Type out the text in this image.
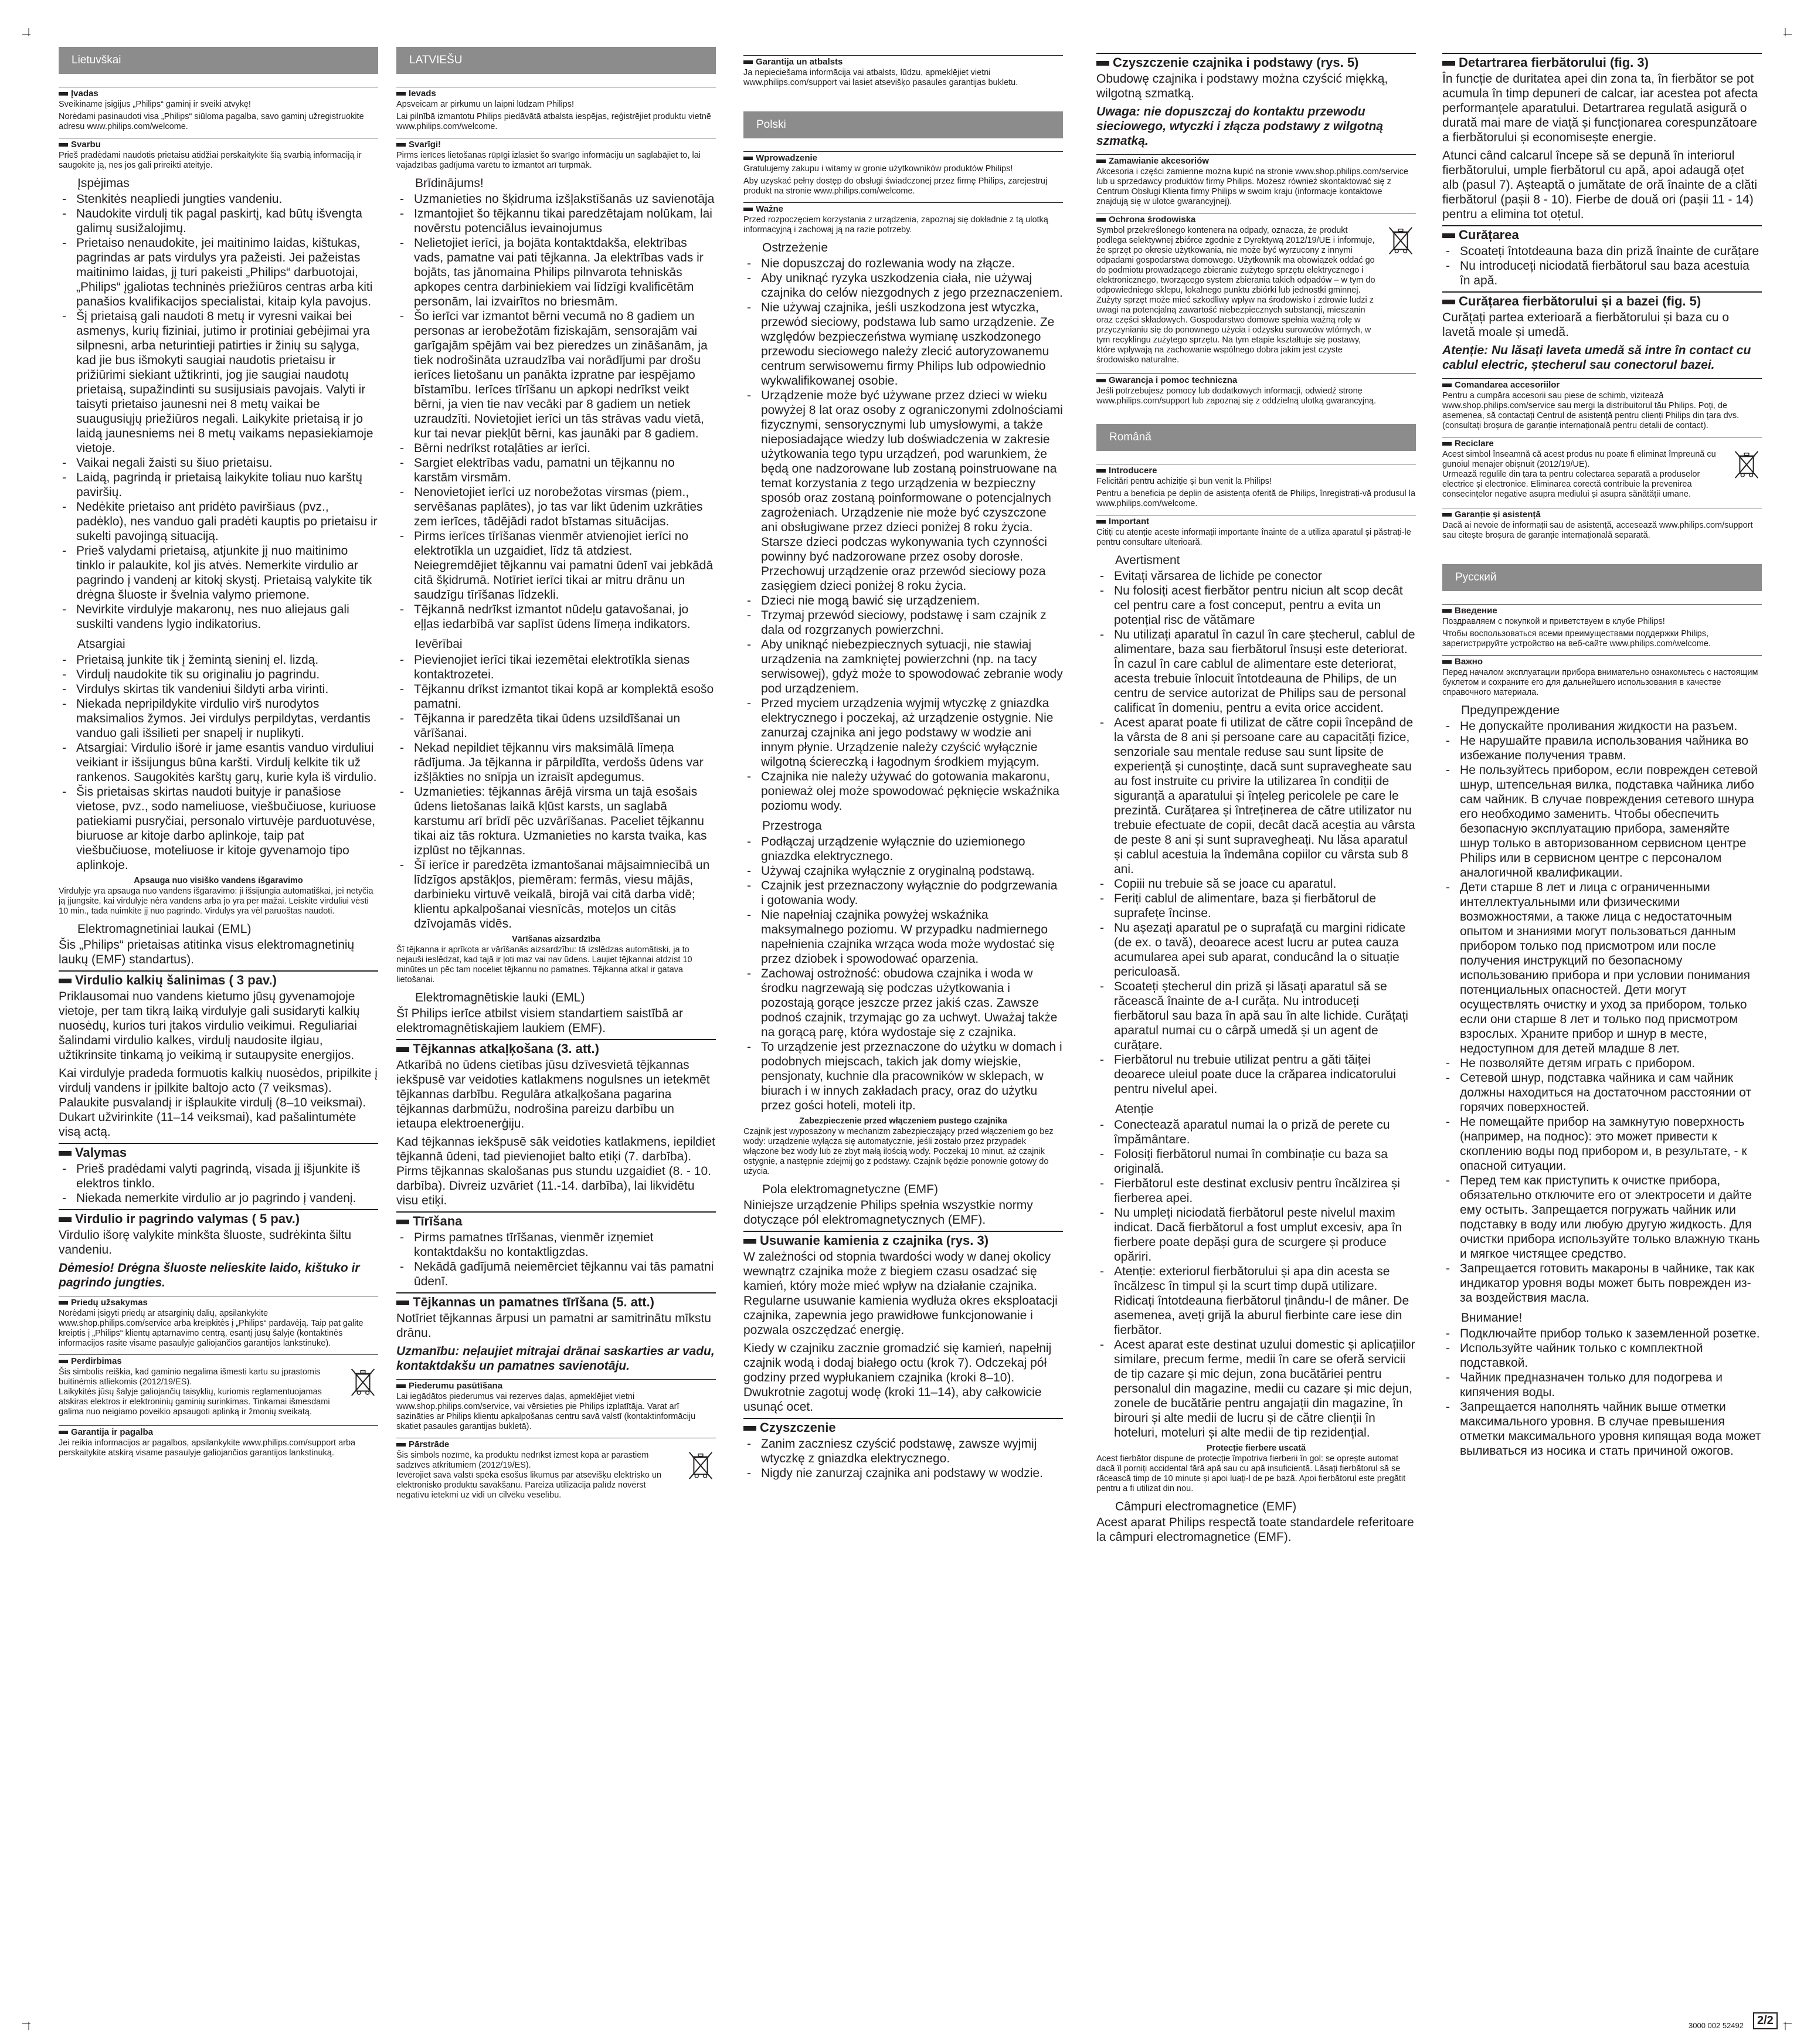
Lietuvškai
Įvadas
Sveikiname įsigijus „Philips“ gaminį ir sveiki atvykę!
Norėdami pasinaudoti visa „Philips“ siūloma pagalba, savo gaminį užregistruokite adresu www.philips.com/welcome.
Svarbu
Prieš pradėdami naudotis prietaisu atidžiai perskaitykite šią svarbią informaciją ir saugokite ją, nes jos gali prireikti ateityje.
Įspėjimas
- Stenkitės neapliedi jungties vandeniu.
- Naudokite virdulį tik pagal paskirtį, kad būtų išvengta galimų susižalojimų.
- Prietaiso nenaudokite, jei maitinimo laidas, kištukas, pagrindas ar pats virdulys yra pažeisti. Jei pažeistas maitinimo laidas, jį turi pakeisti „Philips“ darbuotojai, „Philips“ įgaliotas techninės priežiūros centras arba kiti panašios kvalifikacijos specialistai, kitaip kyla pavojus.
- Šį prietaisą gali naudoti 8 metų ir vyresni vaikai bei asmenys, kurių fiziniai, jutimo ir protiniai gebėjimai yra silpnesni, arba neturintieji patirties ir žinių su sąlyga, kad jie bus išmokyti saugiai naudotis prietaisu ir prižiūrimi siekiant užtikrinti, jog jie saugiai naudotų prietaisą, supažindinti su susijusiais pavojais. Valyti ir taisyti prietaiso jaunesni nei 8 metų vaikai be suaugusiųjų priežiūros negali. Laikykite prietaisą ir jo laidą jaunesniems nei 8 metų vaikams nepasiekiamoje vietoje.
- Vaikai negali žaisti su šiuo prietaisu.
- Laidą, pagrindą ir prietaisą laikykite toliau nuo karštų paviršių.
- Nedėkite prietaiso ant pridėto paviršiaus (pvz., padėklo), nes vanduo gali pradėti kauptis po prietaisu ir sukelti pavojingą situaciją.
- Prieš valydami prietaisą, atjunkite jį nuo maitinimo tinklo ir palaukite, kol jis atvės. Nemerkite virdulio ar pagrindo į vandenį ar kitokį skystį. Prietaisą valykite tik drėgna šluoste ir švelnia valymo priemone.
- Nevirkite virdulyje makaronų, nes nuo aliejaus gali suskilti vandens lygio indikatorius.
Atsargiai
- Prietaisą junkite tik į žemintą sieninį el. lizdą.
- Virdulį naudokite tik su originaliu jo pagrindu.
- Virdulys skirtas tik vandeniui šildyti arba virinti.
- Niekada nepripildykite virdulio virš nurodytos maksimalios žymos. Jei virdulys perpildytas, verdantis vanduo gali išsilieti per snapelį ir nuplikyti.
- Atsargiai: Virdulio išorė ir jame esantis vanduo virduliui veikiant ir išsijungus būna karšti. Virdulį kelkite tik už rankenos. Saugokitės karštų garų, kurie kyla iš virdulio.
- Šis prietaisas skirtas naudoti buityje ir panašiose vietose, pvz., sodo nameliuose, viešbučiuose, kuriuose patiekiami pusryčiai, personalo virtuvėje parduotuvėse, biuruose ar kitoje darbo aplinkoje, taip pat viešbučiuose, moteliuose ir kitoje gyvenamojo tipo aplinkoje.
Apsauga nuo visiško vandens išgaravimo
Virdulyje yra apsauga nuo vandens išgaravimo: ji išsijungia automatiškai, jei netyčia ją įjungsite, kai virdulyje nėra vandens arba jo yra per mažai. Leiskite virduliui vėsti 10 min., tada nuimkite jį nuo pagrindo. Virdulys yra vėl paruoštas naudoti.
Elektromagnetiniai laukai (EML)
Šis „Philips“ prietaisas atitinka visus elektromagnetinių laukų (EMF) standartus).
Virdulio kalkių šalinimas ( 3 pav.)
Priklausomai nuo vandens kietumo jūsų gyvenamojoje vietoje, per tam tikrą laiką virdulyje gali susidaryti kalkių nuosėdų, kurios turi įtakos virdulio veikimui. Reguliariai šalindami virdulio kalkes, virdulį naudosite ilgiau, užtikrinsite tinkamą jo veikimą ir sutaupysite energijos.
Kai virdulyje pradeda formuotis kalkių nuosėdos, pripilkite į virdulį vandens ir įpilkite baltojo acto (7 veiksmas). Palaukite pusvalandį ir išplaukite virdulį (8–10 veiksmai). Dukart užvirinkite (11–14 veiksmai), kad pašalintumėte visą actą.
Valymas
- Prieš pradėdami valyti pagrindą, visada jį išjunkite iš elektros tinklo.
- Niekada nemerkite virdulio ar jo pagrindo į vandenį.
Virdulio ir pagrindo valymas ( 5 pav.)
Virdulio išorę valykite minkšta šluoste, sudrėkinta šiltu vandeniu.
Dėmesio! Drėgna šluoste nelieskite laido, kištuko ir pagrindo jungties.
Priedų užsakymas
Norėdami įsigyti priedų ar atsarginių dalių, apsilankykite www.shop.philips.com/service arba kreipkitės į „Philips“ pardavėją. Taip pat galite kreiptis į „Philips“ klientų aptarnavimo centrą, esantį jūsų šalyje (kontaktinės informacijos rasite visame pasaulyje galiojančios garantijos lankstinuke).
Perdirbimas
Šis simbolis reiškia, kad gaminio negalima išmesti kartu su įprastomis buitinėmis atliekomis (2012/19/ES).
Laikykitės jūsų šalyje galiojančių taisyklių, kuriomis reglamentuojamas atskiras elektros ir elektroninių gaminių surinkimas. Tinkamai išmesdami galima nuo neigiamo poveikio apsaugoti aplinką ir žmonių sveikatą.
Garantija ir pagalba
Jei reikia informacijos ar pagalbos, apsilankykite www.philips.com/support arba perskaitykite atskirą visame pasaulyje galiojančios garantijos lankstinuką.
LATVIEŠU
Ievads
Apsveicam ar pirkumu un laipni lūdzam Philips!
Lai pilnībā izmantotu Philips piedāvātā atbalsta iespējas, reģistrējiet produktu vietnē www.philips.com/welcome.
Svarīgi!
Pirms ierīces lietošanas rūpīgi izlasiet šo svarīgo informāciju un saglabājiet to, lai vajadzības gadījumā varētu to izmantot arī turpmāk.
Brīdinājums!
- Uzmanieties no šķidruma izšļakstīšanās uz savienotāja
- Izmantojiet šo tējkannu tikai paredzētajam nolūkam, lai novērstu potenciālus ievainojumus
- Nelietojiet ierīci, ja bojāta kontaktdakša, elektrības vads, pamatne vai pati tējkanna. Ja elektrības vads ir bojāts, tas jānomaina Philips pilnvarota tehniskās apkopes centra darbiniekiem vai līdzīgi kvalificētām personām, lai izvairītos no briesmām.
- Šo ierīci var izmantot bērni vecumā no 8 gadiem un personas ar ierobežotām fiziskajām, sensorajām vai garīgajām spējām vai bez pieredzes un zināšanām, ja tiek nodrošināta uzraudzība vai norādījumi par drošu ierīces lietošanu un panākta izpratne par iespējamo bīstamību. Ierīces tīrīšanu un apkopi nedrīkst veikt bērni, ja vien tie nav vecāki par 8 gadiem un netiek uzraudzīti. Novietojiet ierīci un tās strāvas vadu vietā, kur tai nevar piekļūt bērni, kas jaunāki par 8 gadiem.
- Bērni nedrīkst rotaļāties ar ierīci.
- Sargiet elektrības vadu, pamatni un tējkannu no karstām virsmām.
- Nenovietojiet ierīci uz norobežotas virsmas (piem., servēšanas paplātes), jo tas var likt ūdenim uzkrāties zem ierīces, tādējādi radot bīstamas situācijas.
- Pirms ierīces tīrīšanas vienmēr atvienojiet ierīci no elektrotīkla un uzgaidiet, līdz tā atdziest. Neiegremdējiet tējkannu vai pamatni ūdenī vai jebkādā citā šķidrumā. Notīriet ierīci tikai ar mitru drānu un saudzīgu tīrīšanas līdzekli.
- Tējkannā nedrīkst izmantot nūdeļu gatavošanai, jo eļļas iedarbībā var saplīst ūdens līmeņa indikators.
Ievērībai
- Pievienojiet ierīci tikai iezemētai elektrotīkla sienas kontaktrozetei.
- Tējkannu drīkst izmantot tikai kopā ar komplektā esošo pamatni.
- Tējkanna ir paredzēta tikai ūdens uzsildīšanai un vārīšanai.
- Nekad nepildiet tējkannu virs maksimālā līmeņa rādījuma. Ja tējkanna ir pārpildīta, verdošs ūdens var izšļākties no snīpja un izraisīt apdegumus.
- Uzmanieties: tējkannas ārējā virsma un tajā esošais ūdens lietošanas laikā kļūst karsts, un saglabā karstumu arī brīdī pēc uzvārīšanas. Paceliet tējkannu tikai aiz tās roktura. Uzmanieties no karsta tvaika, kas izplūst no tējkannas.
- Šī ierīce ir paredzēta izmantošanai mājsaimniecībā un līdzīgos apstākļos, piemēram: fermās, viesu mājās, darbinieku virtuvē veikalā, birojā vai citā darba vidē; klientu apkalpošanai viesnīcās, moteļos un citās dzīvojamās vidēs.
Vārīšanas aizsardzība
Šī tējkanna ir aprīkota ar vārīšanās aizsardzību: tā izslēdzas automātiski, ja to nejauši ieslēdzat, kad tajā ir ļoti maz vai nav ūdens. Laujiet tējkannai atdzist 10 minūtes un pēc tam noceliet tējkannu no pamatnes. Tējkanna atkal ir gatava lietošanai.
Elektromagnētiskie lauki (EML)
Šī Philips ierīce atbilst visiem standartiem saistībā ar elektromagnētiskajiem laukiem (EMF).
Tējkannas atkaļķošana (3. att.)
Atkarībā no ūdens cietības jūsu dzīvesvietā tējkannas iekšpusē var veidoties katlakmens nogulsnes un ietekmēt tējkannas darbību. Regulāra atkaļķošana pagarina tējkannas darbmūžu, nodrošina pareizu darbību un ietaupa elektroenerģiju.
Kad tējkannas iekšpusē sāk veidoties katlakmens, iepildiet tējkannā ūdeni, tad pievienojiet balto etiķi (7. darbība). Pirms tējkannas skalošanas pus stundu uzgaidiet (8. - 10. darbība). Divreiz uzvāriet (11.-14. darbība), lai likvidētu visu etiķi.
Tīrīšana
- Pirms pamatnes tīrīšanas, vienmēr izņemiet kontaktdakšu no kontaktligzdas.
- Nekādā gadījumā neiemērciet tējkannu vai tās pamatni ūdenī.
Tējkannas un pamatnes tīrīšana (5. att.)
Notīriet tējkannas ārpusi un pamatni ar samitrinātu mīkstu drānu.
Uzmanību: neļaujiet mitrajai drānai saskarties ar vadu, kontaktdakšu un pamatnes savienotāju.
Piederumu pasūtīšana
Lai iegādātos piederumus vai rezerves daļas, apmeklējiet vietni www.shop.philips.com/service, vai vērsieties pie Philips izplatītāja. Varat arī sazināties ar Philips klientu apkalpošanas centru savā valstī (kontaktinformāciju skatiet pasaules garantijas bukletā).
Pārstrāde
Šis simbols nozīmē, ka produktu nedrīkst izmest kopā ar parastiem sadzīves atkritumiem (2012/19/ES).
Ievērojiet savā valstī spēkā esošus likumus par atsevišķu elektrisko un elektronisko produktu savākšanu. Pareiza utilizācija palīdz novērst negatīvu ietekmi uz vidi un cilvēku veselību.
Garantija un atbalsts
Ja nepieciešama informācija vai atbalsts, lūdzu, apmeklējiet vietni www.philips.com/support vai lasiet atsevišķo pasaules garantijas bukletu.
Polski
Wprowadzenie
Gratulujemy zakupu i witamy w gronie użytkowników produktów Philips!
Aby uzyskać pełny dostęp do obsługi świadczonej przez firmę Philips, zarejestruj produkt na stronie www.philips.com/welcome.
Ważne
Przed rozpoczęciem korzystania z urządzenia, zapoznaj się dokładnie z tą ulotką informacyjną i zachowaj ją na razie potrzeby.
Ostrzeżenie
- Nie dopuszczaj do rozlewania wody na złącze.
- Aby uniknąć ryzyka uszkodzenia ciała, nie używaj czajnika do celów niezgodnych z jego przeznaczeniem.
- Nie używaj czajnika, jeśli uszkodzona jest wtyczka, przewód sieciowy, podstawa lub samo urządzenie. Ze względów bezpieczeństwa wymianę uszkodzonego przewodu sieciowego należy zlecić autoryzowanemu centrum serwisowemu firmy Philips lub odpowiednio wykwalifikowanej osobie.
- Urządzenie może być używane przez dzieci w wieku powyżej 8 lat oraz osoby z ograniczonymi zdolnościami fizycznymi, sensorycznymi lub umysłowymi, a także nieposiadające wiedzy lub doświadczenia w zakresie użytkowania tego typu urządzeń, pod warunkiem, że będą one nadzorowane lub zostaną poinstruowane na temat korzystania z tego urządzenia w bezpieczny sposób oraz zostaną poinformowane o potencjalnych zagrożeniach. Urządzenie nie może być czyszczone ani obsługiwane przez dzieci poniżej 8 roku życia. Starsze dzieci podczas wykonywania tych czynności powinny być nadzorowane przez osoby dorosłe. Przechowuj urządzenie oraz przewód sieciowy poza zasięgiem dzieci poniżej 8 roku życia.
- Dzieci nie mogą bawić się urządzeniem.
- Trzymaj przewód sieciowy, podstawę i sam czajnik z dala od rozgrzanych powierzchni.
- Aby uniknąć niebezpiecznych sytuacji, nie stawiaj urządzenia na zamkniętej powierzchni (np. na tacy serwisowej), gdyż może to spowodować zebranie wody pod urządzeniem.
- Przed myciem urządzenia wyjmij wtyczkę z gniazdka elektrycznego i poczekaj, aż urządzenie ostygnie. Nie zanurzaj czajnika ani jego podstawy w wodzie ani innym płynie. Urządzenie należy czyścić wyłącznie wilgotną ściereczką i łagodnym środkiem myjącym.
- Czajnika nie należy używać do gotowania makaronu, ponieważ olej może spowodować pęknięcie wskaźnika poziomu wody.
Przestroga
- Podłączaj urządzenie wyłącznie do uziemionego gniazdka elektrycznego.
- Używaj czajnika wyłącznie z oryginalną podstawą.
- Czajnik jest przeznaczony wyłącznie do podgrzewania i gotowania wody.
- Nie napełniaj czajnika powyżej wskaźnika maksymalnego poziomu. W przypadku nadmiernego napełnienia czajnika wrząca woda może wydostać się przez dziobek i spowodować oparzenia.
- Zachowaj ostrożność: obudowa czajnika i woda w środku nagrzewają się podczas użytkowania i pozostają gorące jeszcze przez jakiś czas. Zawsze podnoś czajnik, trzymając go za uchwyt. Uważaj także na gorącą parę, która wydostaje się z czajnika.
- To urządzenie jest przeznaczone do użytku w domach i podobnych miejscach, takich jak domy wiejskie, pensjonaty, kuchnie dla pracowników w sklepach, w biurach i w innych zakładach pracy, oraz do użytku przez gości hoteli, moteli itp.
Zabezpieczenie przed włączeniem pustego czajnika
Czajnik jest wyposażony w mechanizm zabezpieczający przed włączeniem go bez wody: urządzenie wyłącza się automatycznie, jeśli zostało przez przypadek włączone bez wody lub ze zbyt małą ilością wody. Poczekaj 10 minut, aż czajnik ostygnie, a następnie zdejmij go z podstawy. Czajnik będzie ponownie gotowy do użycia.
Pola elektromagnetyczne (EMF)
Niniejsze urządzenie Philips spełnia wszystkie normy dotyczące pól elektromagnetycznych (EMF).
Usuwanie kamienia z czajnika (rys. 3)
W zależności od stopnia twardości wody w danej okolicy wewnątrz czajnika może z biegiem czasu osadzać się kamień, który może mieć wpływ na działanie czajnika. Regularne usuwanie kamienia wydłuża okres eksploatacji czajnika, zapewnia jego prawidłowe funkcjonowanie i pozwala oszczędzać energię.
Kiedy w czajniku zacznie gromadzić się kamień, napełnij czajnik wodą i dodaj białego octu (krok 7). Odczekaj pół godziny przed wypłukaniem czajnika (kroki 8–10). Dwukrotnie zagotuj wodę (kroki 11–14), aby całkowicie usunąć ocet.
Czyszczenie
- Zanim zaczniesz czyścić podstawę, zawsze wyjmij wtyczkę z gniazdka elektrycznego.
- Nigdy nie zanurzaj czajnika ani podstawy w wodzie.
Czyszczenie czajnika i podstawy (rys. 5)
Obudowę czajnika i podstawy można czyścić miękką, wilgotną szmatką.
Uwaga: nie dopuszczaj do kontaktu przewodu sieciowego, wtyczki i złącza podstawy z wilgotną szmatką.
Zamawianie akcesoriów
Akcesoria i części zamienne można kupić na stronie www.shop.philips.com/service lub u sprzedawcy produktów firmy Philips. Możesz również skontaktować się z Centrum Obsługi Klienta firmy Philips w swoim kraju (informacje kontaktowe znajdują się w ulotce gwarancyjnej).
Ochrona środowiska
Symbol przekreślonego kontenera na odpady, oznacza, że produkt podlega selektywnej zbiórce zgodnie z Dyrektywą 2012/19/UE i informuje, że sprzęt po okresie użytkowania, nie może być wyrzucony z innymi odpadami gospodarstwa domowego. Użytkownik ma obowiązek oddać go do podmiotu prowadzącego zbieranie zużytego sprzętu elektrycznego i elektronicznego, tworzącego system zbierania takich odpadów – w tym do odpowiedniego sklepu, lokalnego punktu zbiórki lub jednostki gminnej. Zużyty sprzęt może mieć szkodliwy wpływ na środowisko i zdrowie ludzi z uwagi na potencjalną zawartość niebezpiecznych substancji, mieszanin oraz części składowych. Gospodarstwo domowe spełnia ważną rolę w przyczynianiu się do ponownego użycia i odzysku surowców wtórnych, w tym recyklingu zużytego sprzętu. Na tym etapie kształtuje się postawy, które wpływają na zachowanie wspólnego dobra jakim jest czyste środowisko naturalne.
Gwarancja i pomoc techniczna
Jeśli potrzebujesz pomocy lub dodatkowych informacji, odwiedź stronę www.philips.com/support lub zapoznaj się z oddzielną ulotką gwarancyjną.
Română
Introducere
Felicitări pentru achiziție și bun venit la Philips!
Pentru a beneficia pe deplin de asistența oferită de Philips, înregistrați-vă produsul la www.philips.com/welcome.
Important
Citiți cu atenție aceste informații importante înainte de a utiliza aparatul și păstrați-le pentru consultare ulterioară.
Avertisment
- Evitați vărsarea de lichide pe conector
- Nu folosiți acest fierbător pentru niciun alt scop decât cel pentru care a fost conceput, pentru a evita un potențial risc de vătămare
- Nu utilizați aparatul în cazul în care ștecherul, cablul de alimentare, baza sau fierbătorul însuși este deteriorat. În cazul în care cablul de alimentare este deteriorat, acesta trebuie înlocuit întotdeauna de Philips, de un centru de service autorizat de Philips sau de personal calificat în domeniu, pentru a evita orice accident.
- Acest aparat poate fi utilizat de către copii începând de la vârsta de 8 ani și persoane care au capacități fizice, senzoriale sau mentale reduse sau sunt lipsite de experiență și cunoștințe, dacă sunt supravegheate sau au fost instruite cu privire la utilizarea în condiții de siguranță a aparatului și înțeleg pericolele pe care le prezintă. Curățarea și întreținerea de către utilizator nu trebuie efectuate de copii, decât dacă aceștia au vârsta de peste 8 ani și sunt supravegheați. Nu lăsa aparatul și cablul acestuia la îndemâna copiilor cu vârsta sub 8 ani.
- Copiii nu trebuie să se joace cu aparatul.
- Feriți cablul de alimentare, baza și fierbătorul de suprafețe încinse.
- Nu așezați aparatul pe o suprafață cu margini ridicate (de ex. o tavă), deoarece acest lucru ar putea cauza acumularea apei sub aparat, conducând la o situație periculoasă.
- Scoateți ștecherul din priză și lăsați aparatul să se răcească înainte de a-l curăța. Nu introduceți fierbătorul sau baza în apă sau în alte lichide. Curățați aparatul numai cu o cârpă umedă și un agent de curățare.
- Fierbătorul nu trebuie utilizat pentru a găti tăiței deoarece uleiul poate duce la crăparea indicatorului pentru nivelul apei.
Atenție
- Conectează aparatul numai la o priză de perete cu împământare.
- Folosiți fierbătorul numai în combinație cu baza sa originală.
- Fierbătorul este destinat exclusiv pentru încălzirea și fierberea apei.
- Nu umpleți niciodată fierbătorul peste nivelul maxim indicat. Dacă fierbătorul a fost umplut excesiv, apa în fierbere poate depăși gura de scurgere și produce opăriri.
- Atenție: exteriorul fierbătorului și apa din acesta se încălzesc în timpul și la scurt timp după utilizare. Ridicați întotdeauna fierbătorul ținându-l de mâner. De asemenea, aveți grijă la aburul fierbinte care iese din fierbător.
- Acest aparat este destinat uzului domestic și aplicațiilor similare, precum ferme, medii în care se oferă servicii de tip cazare și mic dejun, zona bucătăriei pentru personalul din magazine, medii cu cazare și mic dejun, zonele de bucătărie pentru angajații din magazine, în birouri și alte medii de lucru și de către clienții în hoteluri, moteluri și alte medii de tip rezidențial.
Protecție fierbere uscată
Acest fierbător dispune de protecție împotriva fierberii în gol: se oprește automat dacă îl porniți accidental fără apă sau cu apă insuficientă. Lăsați fierbătorul să se răcească timp de 10 minute și apoi luați-l de pe bază. Apoi fierbătorul este pregătit pentru a fi utilizat din nou.
Câmpuri electromagnetice (EMF)
Acest aparat Philips respectă toate standardele referitoare la câmpuri electromagnetice (EMF).
Detartrarea fierbătorului (fig. 3)
În funcție de duritatea apei din zona ta, în fierbător se pot acumula în timp depuneri de calcar, iar acestea pot afecta performanțele aparatului. Detartrarea regulată asigură o durată mai mare de viață și funcționarea corespunzătoare a fierbătorului și economisește energie.
Atunci când calcarul începe să se depună în interiorul fierbătorului, umple fierbătorul cu apă, apoi adaugă oțet alb (pasul 7). Așteaptă o jumătate de oră înainte de a clăti fierbătorul (pașii 8 - 10). Fierbe de două ori (pașii 11 - 14) pentru a elimina tot oțetul.
Curățarea
- Scoateți întotdeauna baza din priză înainte de curățare
- Nu introduceți niciodată fierbătorul sau baza acestuia în apă.
Curățarea fierbătorului și a bazei (fig. 5)
Curățați partea exterioară a fierbătorului și baza cu o lavetă moale și umedă.
Atenție: Nu lăsați laveta umedă să intre în contact cu cablul electric, ștecherul sau conectorul bazei.
Comandarea accesoriilor
Pentru a cumpăra accesorii sau piese de schimb, vizitează www.shop.philips.com/service sau mergi la distribuitorul tău Philips. Poți, de asemenea, să contactați Centrul de asistență pentru clienți Philips din țara dvs. (consultați broșura de garanție internațională pentru detalii de contact).
Reciclare
Acest simbol înseamnă că acest produs nu poate fi eliminat împreună cu gunoiul menajer obișnuit (2012/19/UE).
Urmează regulile din țara ta pentru colectarea separată a produselor electrice și electronice. Eliminarea corectă contribuie la prevenirea consecințelor negative asupra mediului și asupra sănătății umane.
Garanție și asistență
Dacă ai nevoie de informații sau de asistență, accesează www.philips.com/support sau citește broșura de garanție internațională separată.
Русский
Введение
Поздравляем с покупкой и приветствуем в клубе Philips!
Чтобы воспользоваться всеми преимуществами поддержки Philips, зарегистрируйте устройство на веб-сайте www.philips.com/welcome.
Важно
Перед началом эксплуатации прибора внимательно ознакомьтесь с настоящим буклетом и сохраните его для дальнейшего использования в качестве справочного материала.
Предупреждение
- Не допускайте проливания жидкости на разъем.
- Не нарушайте правила использования чайника во избежание получения травм.
- Не пользуйтесь прибором, если поврежден сетевой шнур, штепсельная вилка, подставка чайника либо сам чайник. В случае повреждения сетевого шнура его необходимо заменить. Чтобы обеспечить безопасную эксплуатацию прибора, заменяйте шнур только в авторизованном сервисном центре Philips или в сервисном центре с персоналом аналогичной квалификации.
- Дети старше 8 лет и лица с ограниченными интеллектуальными или физическими возможностями, а также лица с недостаточным опытом и знаниями могут пользоваться данным прибором только под присмотром или после получения инструкций по безопасному использованию прибора и при условии понимания потенциальных опасностей. Дети могут осуществлять очистку и уход за прибором, только если они старше 8 лет и только под присмотром взрослых. Храните прибор и шнур в месте, недоступном для детей младше 8 лет.
- Не позволяйте детям играть с прибором.
- Сетевой шнур, подставка чайника и сам чайник должны находиться на достаточном расстоянии от горячих поверхностей.
- Не помещайте прибор на замкнутую поверхность (например, на поднос): это может привести к скоплению воды под прибором и, в результате, - к опасной ситуации.
- Перед тем как приступить к очистке прибора, обязательно отключите его от электросети и дайте ему остыть. Запрещается погружать чайник или подставку в воду или любую другую жидкость. Для очистки прибора используйте только влажную ткань и мягкое чистящее средство.
- Запрещается готовить макароны в чайнике, так как индикатор уровня воды может быть поврежден из-за воздействия масла.
Внимание!
- Подключайте прибор только к заземленной розетке.
- Используйте чайник только с комплектной подставкой.
- Чайник предназначен только для подогрева и кипячения воды.
- Запрещается наполнять чайник выше отметки максимального уровня. В случае превышения отметки максимального уровня кипящая вода может выливаться из носика и стать причиной ожогов.
3000 002 52492	2/2
